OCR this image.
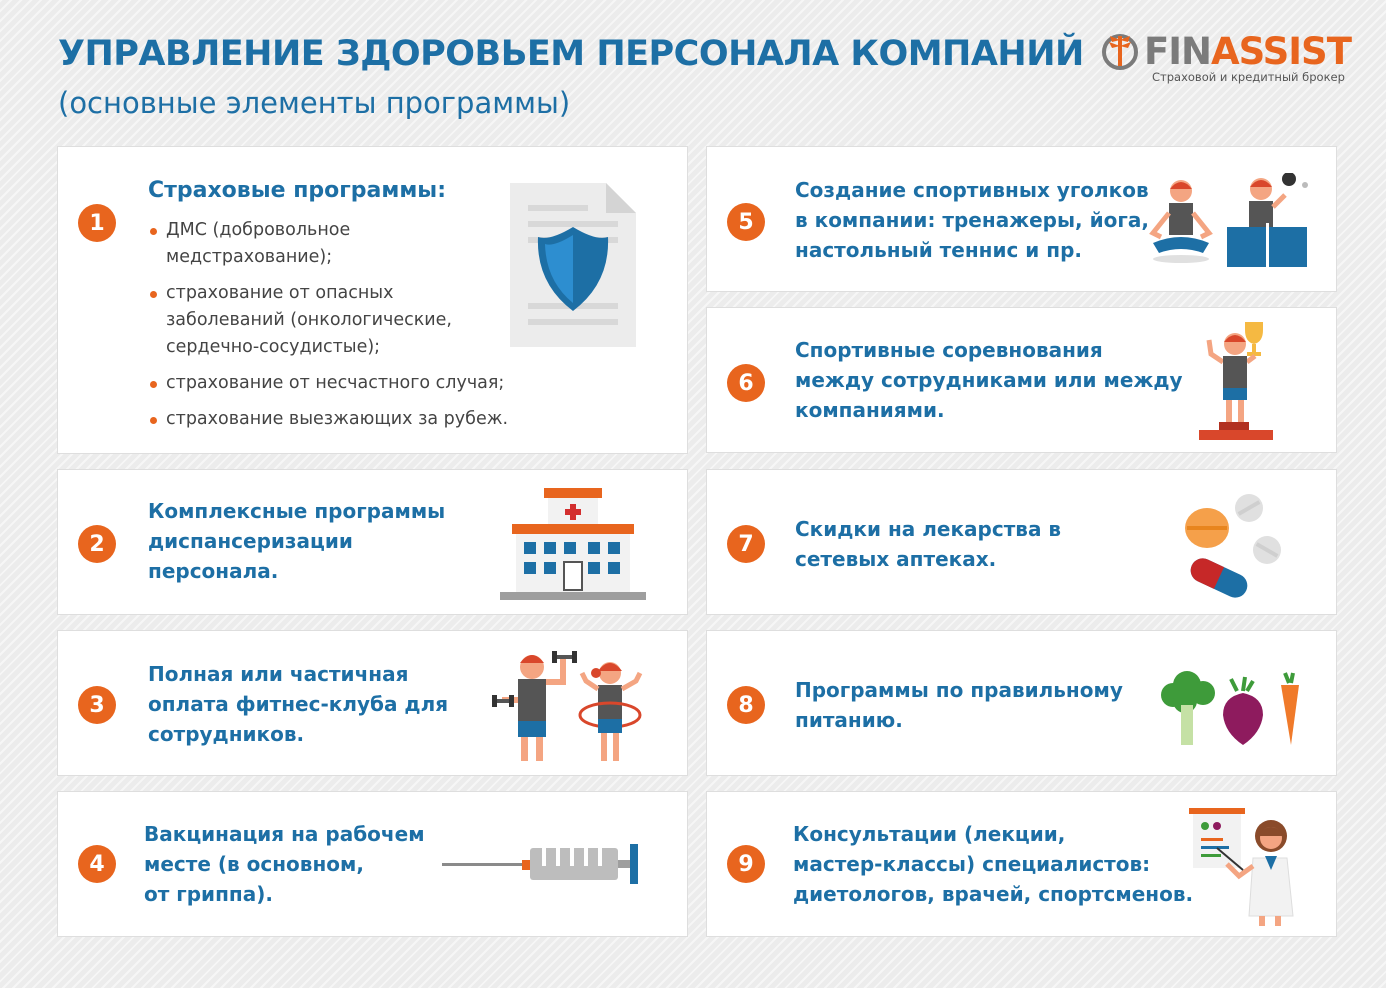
УПРАВЛЕНИЕ ЗДОРОВЬЕМ ПЕРСОНАЛА КОМПАНИЙ
(основные элементы программы)
FINASSIST
Страховой и кредитный брокер
1
Страховые программы:
ДМС (добровольное
медстрахование);
страхование от опасных
заболеваний (онкологические,
сердечно-сосудистые);
страхование от несчастного случая;
страхование выезжающих за рубеж.
2
Комплексные программы
диспансеризации
персонала.
3
Полная или частичная
оплата фитнес-клуба для
сотрудников.
4
Вакцинация на рабочем
месте (в основном,
от гриппа).
5
Создание спортивных уголков
в компании: тренажеры, йога,
настольный теннис и пр.
6
Спортивные соревнования
между сотрудниками или между
компаниями.
7
Скидки на лекарства в
сетевых аптеках.
8
Программы по правильному
питанию.
9
Консультации (лекции,
мастер-классы) специалистов:
диетологов, врачей, спортсменов.
